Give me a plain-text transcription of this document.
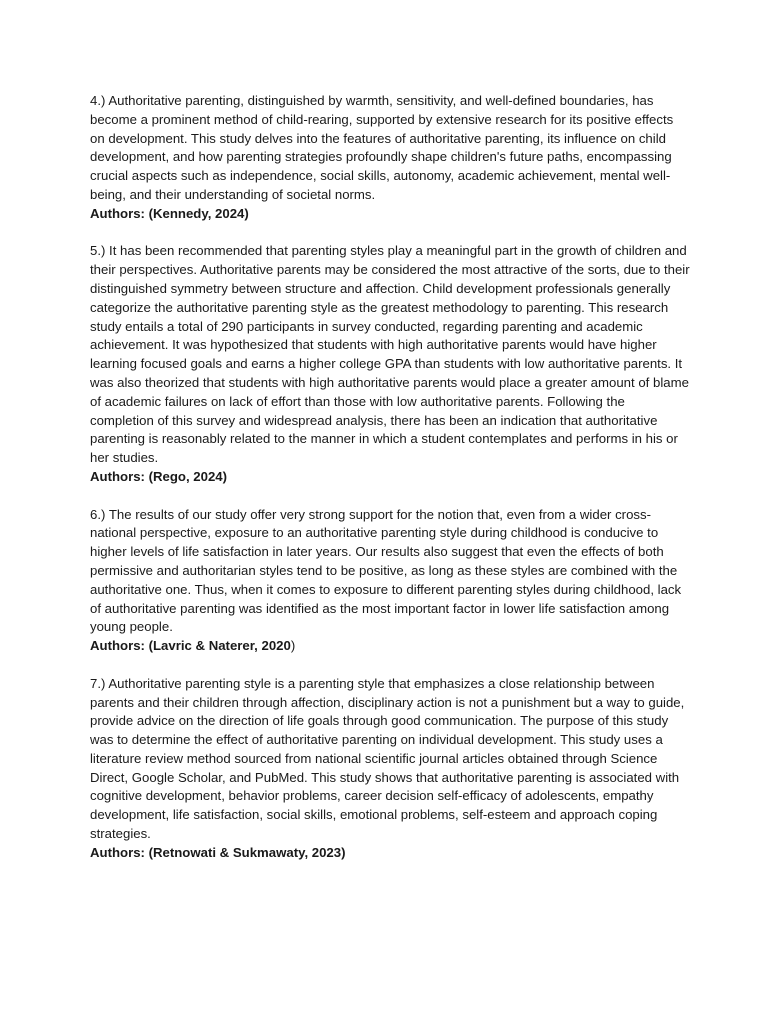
4.) Authoritative parenting, distinguished by warmth, sensitivity, and well-defined boundaries, has become a prominent method of child-rearing, supported by extensive research for its positive effects on development. This study delves into the features of authoritative parenting, its influence on child development, and how parenting strategies profoundly shape children's future paths, encompassing crucial aspects such as independence, social skills, autonomy, academic achievement, mental well-being, and their understanding of societal norms.

Authors: (Kennedy, 2024)

5.) It has been recommended that parenting styles play a meaningful part in the growth of children and their perspectives. Authoritative parents may be considered the most attractive of the sorts, due to their distinguished symmetry between structure and affection. Child development professionals generally categorize the authoritative parenting style as the greatest methodology to parenting. This research study entails a total of 290 participants in survey conducted, regarding parenting and academic achievement. It was hypothesized that students with high authoritative parents would have higher learning focused goals and earns a higher college GPA than students with low authoritative parents. It was also theorized that students with high authoritative parents would place a greater amount of blame of academic failures on lack of effort than those with low authoritative parents. Following the completion of this survey and widespread analysis, there has been an indication that authoritative parenting is reasonably related to the manner in which a student contemplates and performs in his or her studies.

Authors: (Rego, 2024)

6.) The results of our study offer very strong support for the notion that, even from a wider cross-national perspective, exposure to an authoritative parenting style during childhood is conducive to higher levels of life satisfaction in later years. Our results also suggest that even the effects of both permissive and authoritarian styles tend to be positive, as long as these styles are combined with the authoritative one. Thus, when it comes to exposure to different parenting styles during childhood, lack of authoritative parenting was identified as the most important factor in lower life satisfaction among young people.

Authors: (Lavric & Naterer, 2020)

7.) Authoritative parenting style is a parenting style that emphasizes a close relationship between parents and their children through affection, disciplinary action is not a punishment but a way to guide, provide advice on the direction of life goals through good communication. The purpose of this study was to determine the effect of authoritative parenting on individual development. This study uses a literature review method sourced from national scientific journal articles obtained through Science Direct, Google Scholar, and PubMed. This study shows that authoritative parenting is associated with cognitive development, behavior problems, career decision self-efficacy of adolescents, empathy development, life satisfaction, social skills, emotional problems, self-esteem and approach coping strategies.

Authors: (Retnowati & Sukmawaty, 2023)
